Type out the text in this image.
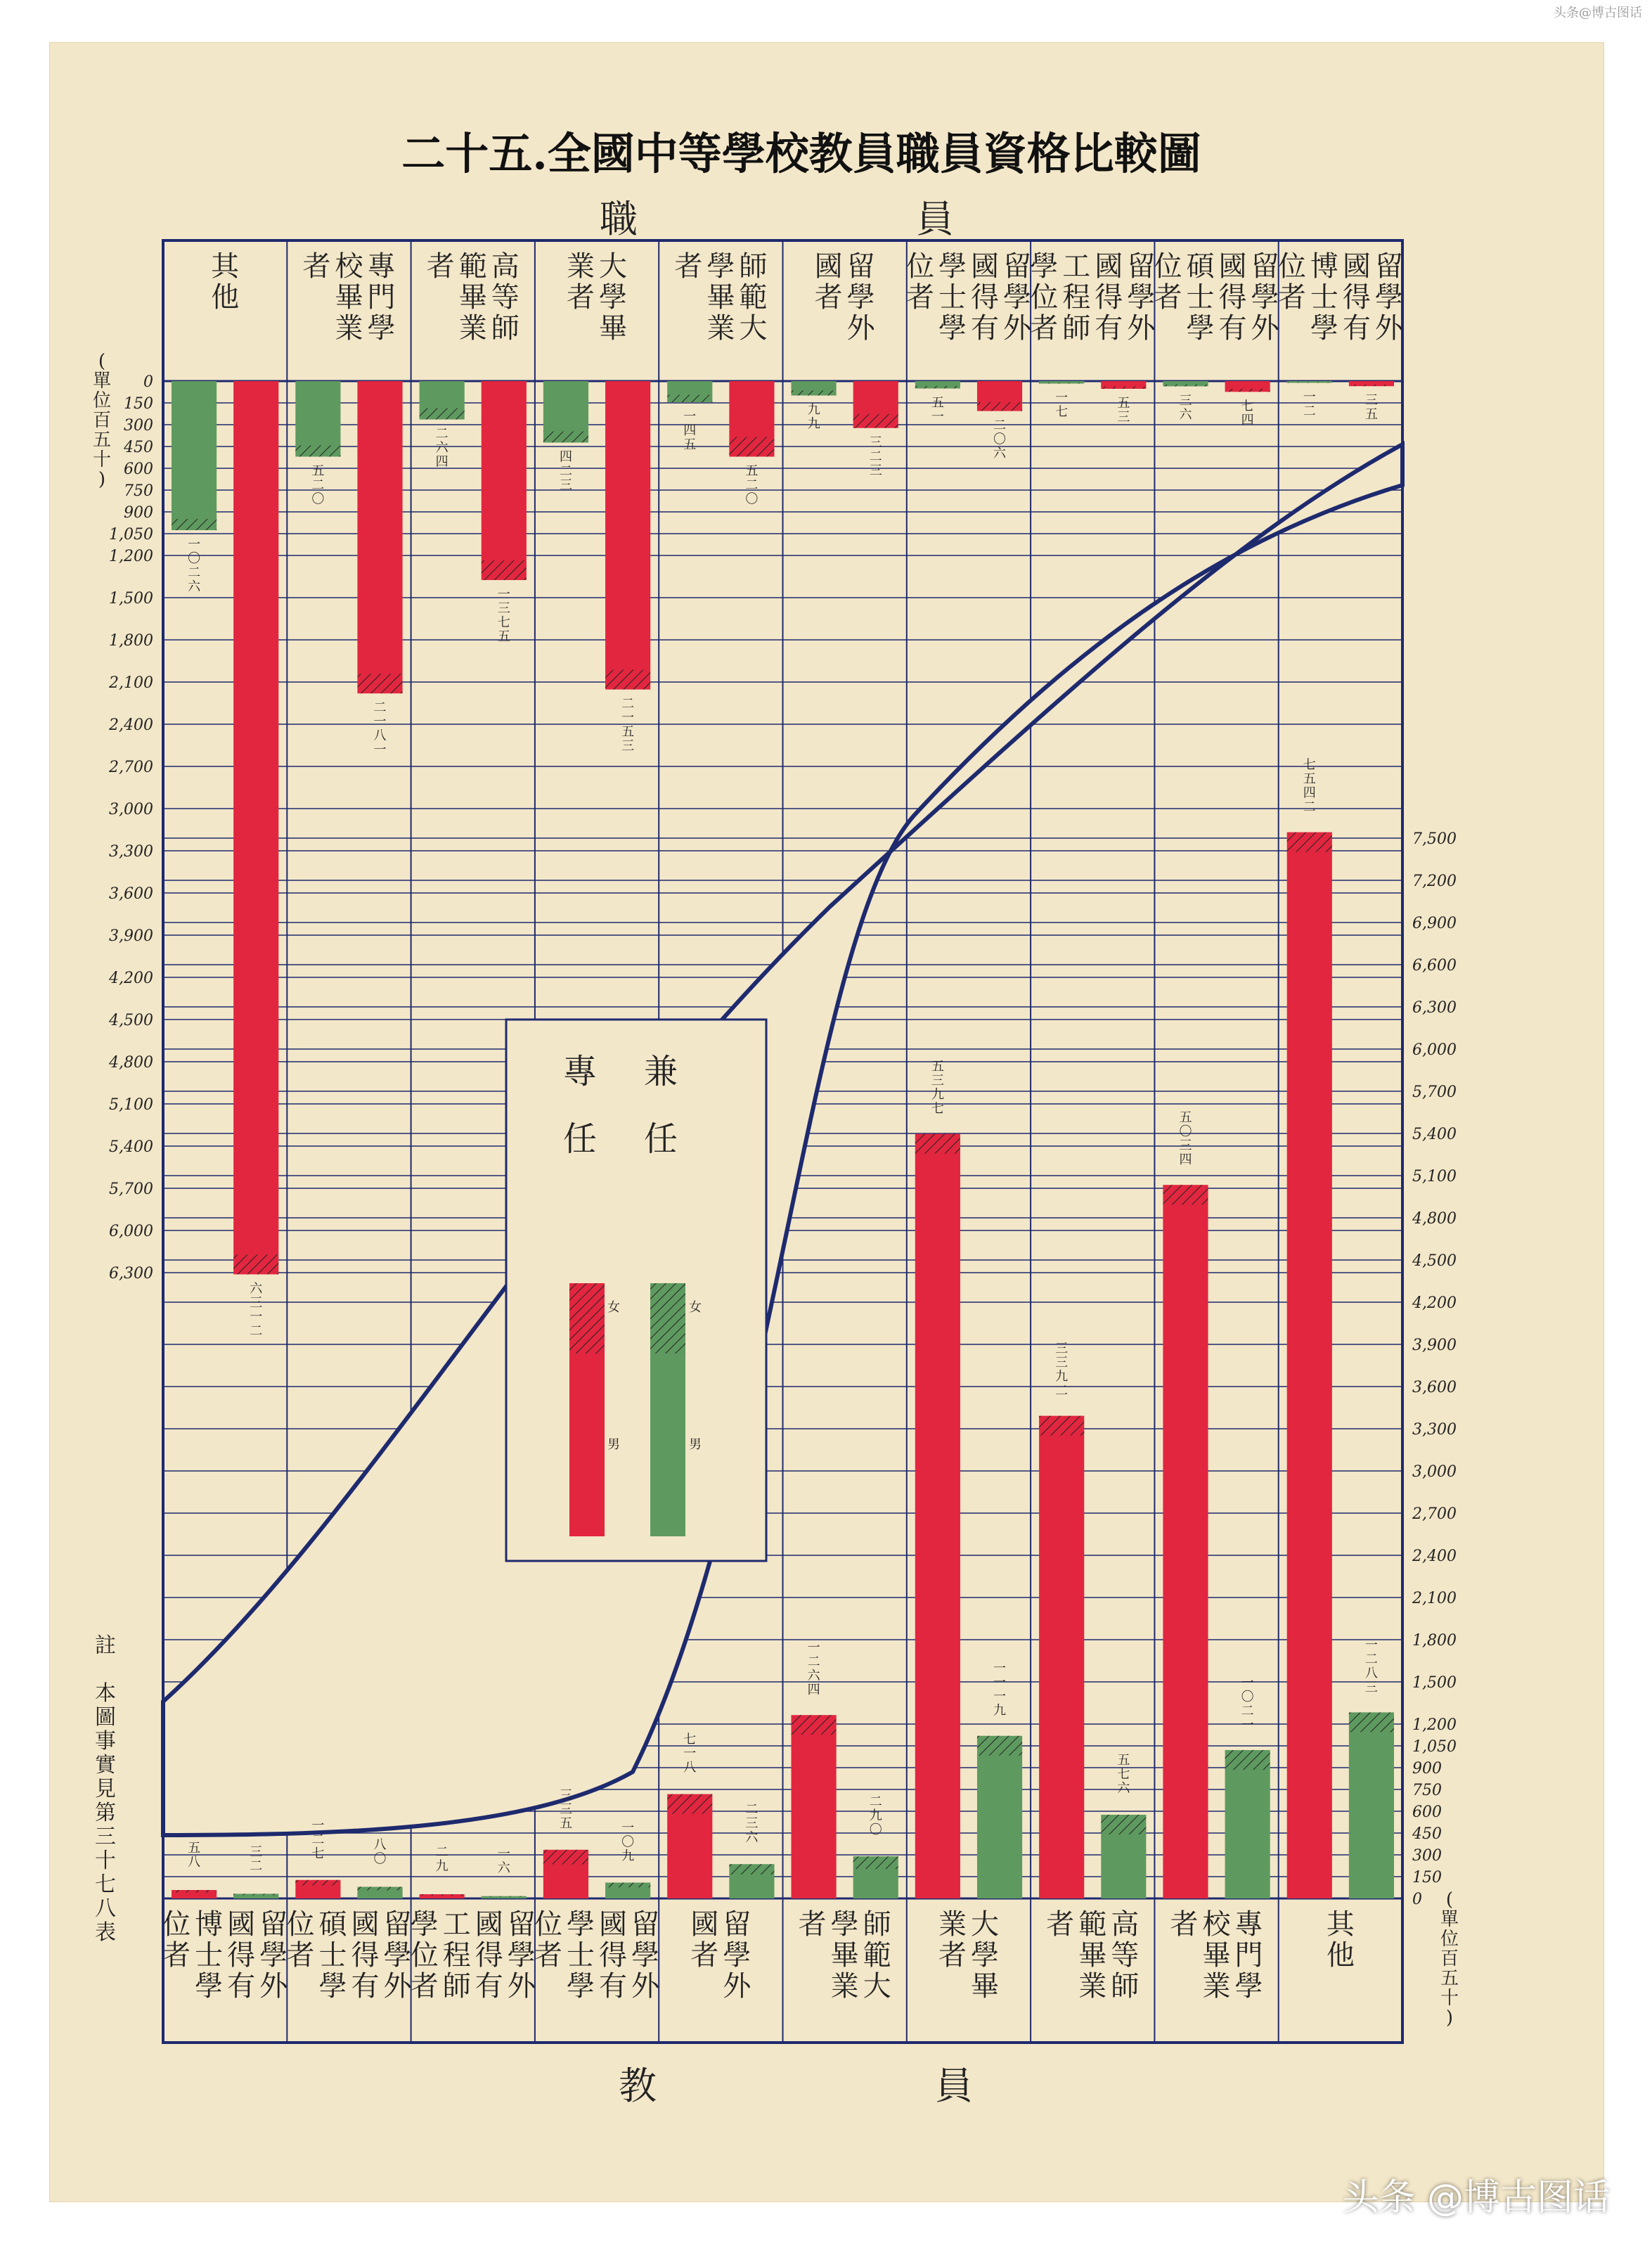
头条@博古图话
二十五.全國中等學校教員職員資格比較圖
0
150
300
450
600
750
900
1,050
1,200
1,500
1,800
2,100
2,400
2,700
3,000
3,300
3,600
3,900
4,200
4,500
4,800
5,100
5,400
5,700
6,000
6,300
0
150
300
450
600
750
900
1,050
1,200
1,500
1,800
2,100
2,400
2,700
3,000
3,300
3,600
3,900
4,200
4,500
4,800
5,100
5,400
5,700
6,000
6,300
6,600
6,900
7,200
7,500
職	員
(
單
位
百
五
十
)
(
單
位
百
五
十
)
教	員
註
本
圖
事
實
見
第
三
十
七
八
表
其
他
一
〇
二
六
六
三
一
二
專
門
學
校
畢
業
者
五
二
〇
二
一
八
一
高
等
師
範
畢
業
者
二
六
四
一
三
七
五
大
學
畢
業
者
四
二
三
二
一
五
三
師
範
大
學
畢
業
者
一
四
五
五
二
〇
留
學
外
國
者
九
九
三
二
三
留
學
外
國
得
有
學
士
學
位
者
五
一
二
〇
六
留
學
外
國
得
有
工
程
師
學
位
者
一
七
五
三
留
學
外
國
得
有
碩
士
學
位
者
三
六
七
四
留
學
外
國
得
有
博
士
學
位
者
一
二
三
五
留
學
外
國
得
有
博
士
學
位
者
五
八
三
二
留
學
外
國
得
有
碩
士
學
位
者
一
二
七
八
〇
留
學
外
國
得
有
工
程
師
學
位
者
二
九
一
六
留
學
外
國
得
有
學
士
學
位
者
三
三
五	一
〇
九
留
學
外
國
者
七
一
八
二
三
六
師
範
大
學
畢
業
者
一
二
六
四
二
九
〇
大
學
畢
業
者
五
三
九
七
一
一
一
九
高
等
師
範
畢
業
者
三
三
九
二
五
七
六
專
門
學
校
畢
業
者
五
〇
三
四
一
〇
二
一
其
他
七
五
四
二
一
二
八
三
兼
任
專
任
女
男
女
男
头条 @博古图话
